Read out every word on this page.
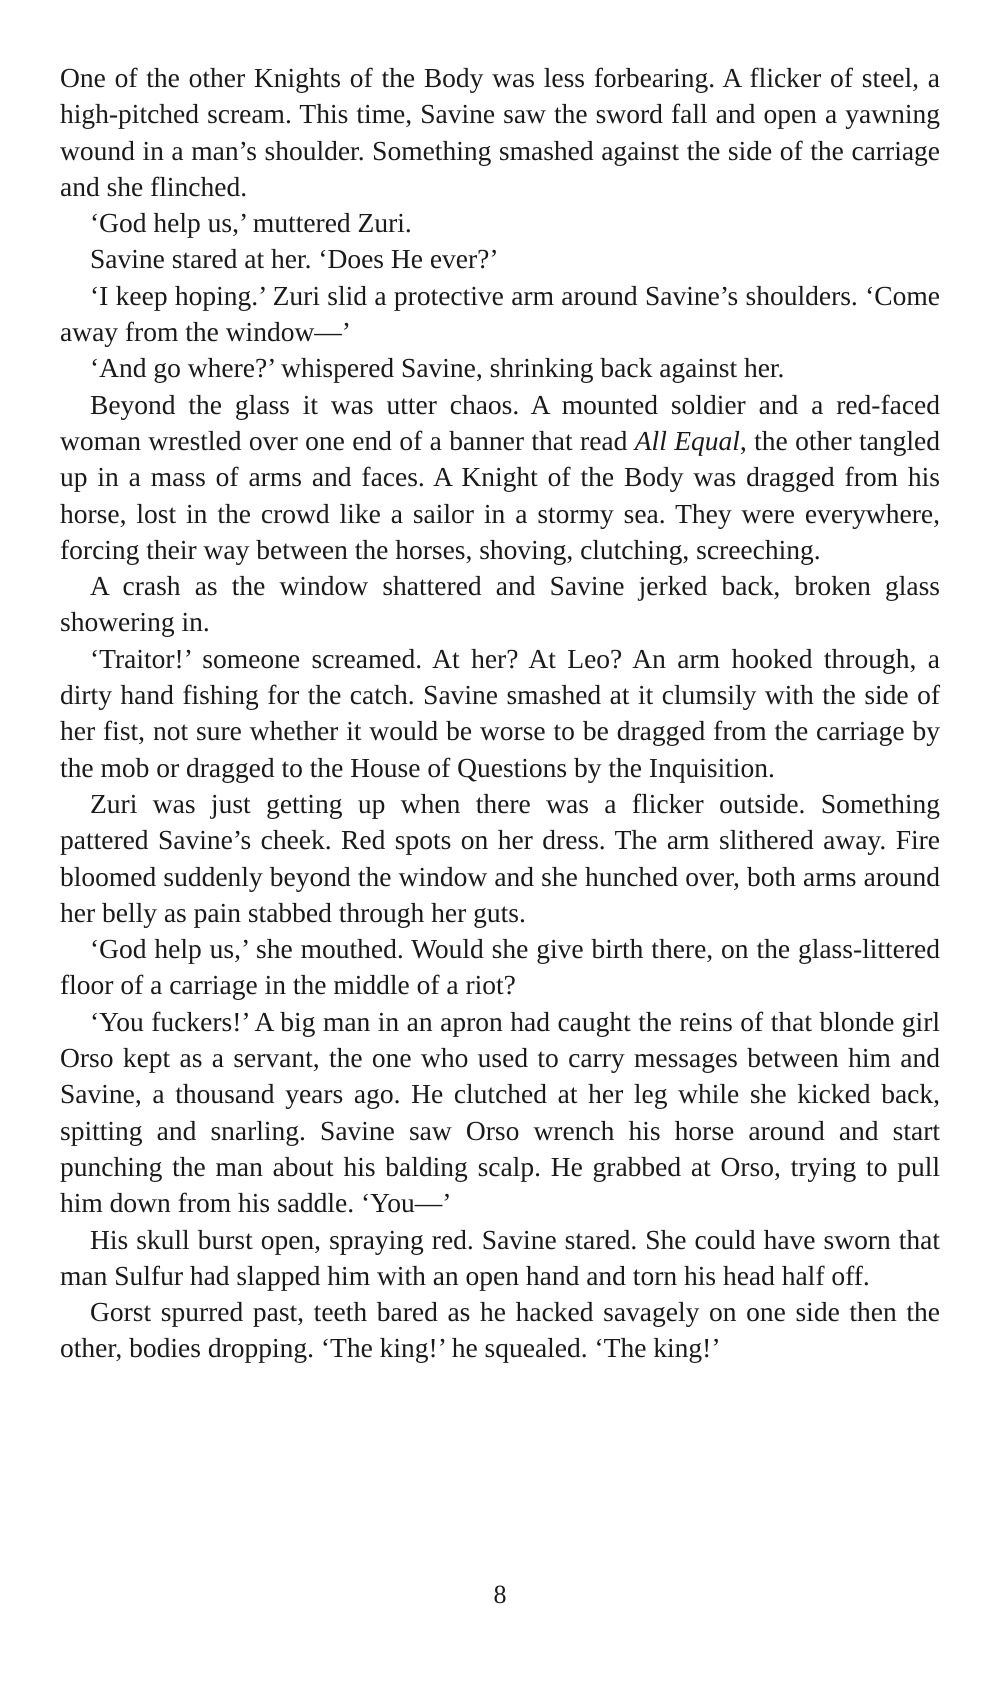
One of the other Knights of the Body was less forbearing. A flicker of steel, a high-pitched scream. This time, Savine saw the sword fall and open a yawning wound in a man’s shoulder. Something smashed against the side of the carriage and she flinched.

‘God help us,’ muttered Zuri.

Savine stared at her. ‘Does He ever?’

‘I keep hoping.’ Zuri slid a protective arm around Savine’s shoulders. ‘Come away from the window—’

‘And go where?’ whispered Savine, shrinking back against her.

Beyond the glass it was utter chaos. A mounted soldier and a red-faced woman wrestled over one end of a banner that read All Equal, the other tangled up in a mass of arms and faces. A Knight of the Body was dragged from his horse, lost in the crowd like a sailor in a stormy sea. They were everywhere, forcing their way between the horses, shoving, clutching, screeching.

A crash as the window shattered and Savine jerked back, broken glass showering in.

‘Traitor!’ someone screamed. At her? At Leo? An arm hooked through, a dirty hand fishing for the catch. Savine smashed at it clumsily with the side of her fist, not sure whether it would be worse to be dragged from the carriage by the mob or dragged to the House of Questions by the Inquisition.

Zuri was just getting up when there was a flicker outside. Something pattered Savine’s cheek. Red spots on her dress. The arm slithered away. Fire bloomed suddenly beyond the window and she hunched over, both arms around her belly as pain stabbed through her guts.

‘God help us,’ she mouthed. Would she give birth there, on the glass-littered floor of a carriage in the middle of a riot?

‘You fuckers!’ A big man in an apron had caught the reins of that blonde girl Orso kept as a servant, the one who used to carry messages between him and Savine, a thousand years ago. He clutched at her leg while she kicked back, spitting and snarling. Savine saw Orso wrench his horse around and start punching the man about his balding scalp. He grabbed at Orso, trying to pull him down from his saddle. ‘You—’

His skull burst open, spraying red. Savine stared. She could have sworn that man Sulfur had slapped him with an open hand and torn his head half off.

Gorst spurred past, teeth bared as he hacked savagely on one side then the other, bodies dropping. ‘The king!’ he squealed. ‘The king!’

8
